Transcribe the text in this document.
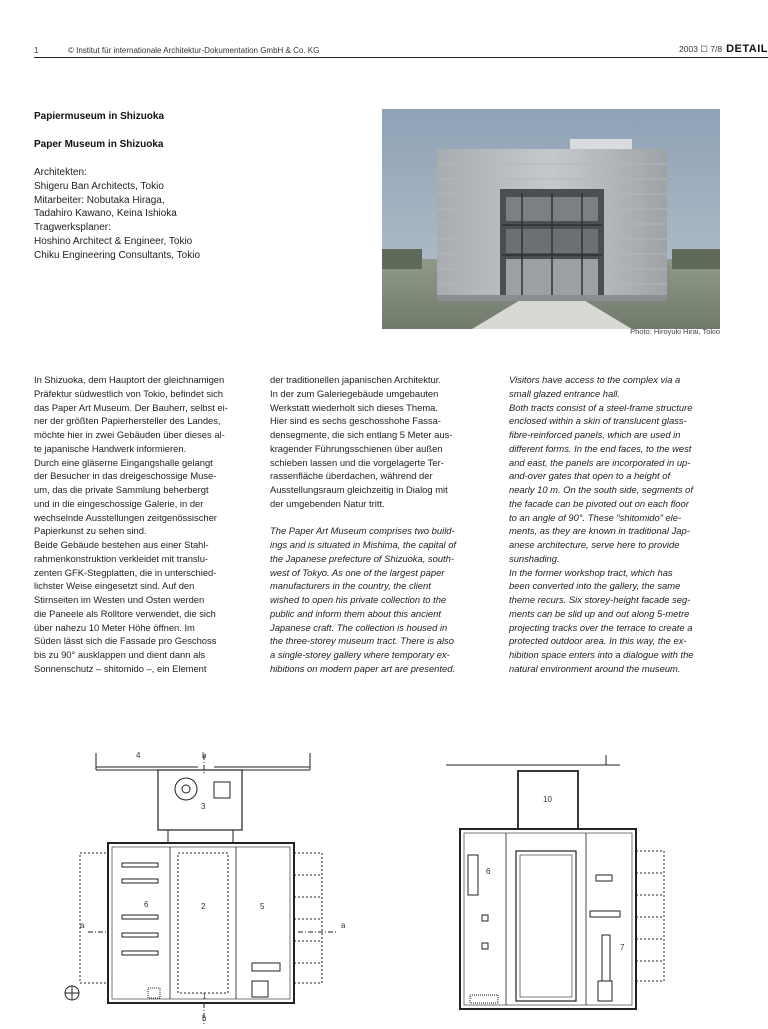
1	© Institut für internationale Architektur-Dokumentation GmbH & Co. KG	2003 ☐ 7/8 DETAIL
Papiermuseum in Shizuoka
Paper Museum in Shizuoka
Architekten:
Shigeru Ban Architects, Tokio
Mitarbeiter: Nobutaka Hiraga,
Tadahiro Kawano, Keina Ishioka
Tragwerksplaner:
Hoshino Architect & Engineer, Tokio
Chiku Engineering Consultants, Tokio
Photo: Hiroyuki Hirai, Tokio

In Shizuoka, dem Hauptort der gleichnamigen

Präfektur südwestlich von Tokio, befindet sich

das Paper Art Museum. Der Bauherr, selbst ei-

ner der größten Papierhersteller des Landes,

möchte hier in zwei Gebäuden über dieses al-

te japanische Handwerk informieren.

Durch eine gläserne Eingangshalle gelangt

der Besucher in das dreigeschossige Muse-

um, das die private Sammlung beherbergt

und in die eingeschossige Galerie, in der

wechselnde Ausstellungen zeitgenössischer

Papierkunst zu sehen sind.

Beide Gebäude bestehen aus einer Stahl-

rahmenkonstruktion verkleidet mit translu-

zenten GFK-Stegplatten, die in unterschied-

lichster Weise eingesetzt sind. Auf den

Stirnseiten im Westen und Osten werden

die Paneele als Rolltore verwendet, die sich

über nahezu 10 Meter Höhe öffnen. Im

Süden lässt sich die Fassade pro Geschoss

bis zu 90° ausklappen und dient dann als

Sonnenschutz – shitomido –, ein Element

der traditionellen japanischen Architektur.

In der zum Galeriegebäude umgebauten

Werkstatt wiederholt sich dieses Thema.

Hier sind es sechs geschosshohe Fassa-

densegmente, die sich entlang 5 Meter aus-

kragender Führungsschienen über außen

schieben lassen und die vorgelagerte Ter-

rassenfläche überdachen, während der

Ausstellungsraum gleichzeitig in Dialog mit

der umgebenden Natur tritt.

The Paper Art Museum comprises two build-

ings and is situated in Mishima, the capital of

the Japanese prefecture of Shizuoka, south-

west of Tokyo. As one of the largest paper

manufacturers in the country, the client

wished to open his private collection to the

public and inform them about this ancient

Japanese craft. The collection is housed in

the three-storey museum tract. There is also

a single-storey gallery where temporary ex-

hibitions on modern paper art are presented.

Visitors have access to the complex via a

small glazed entrance hall.

Both tracts consist of a steel-frame structure

enclosed within a skin of translucent glass-

fibre-reinforced panels, which are used in

different forms. In the end faces, to the west

and east, the panels are incorporated in up-

and-over gates that open to a height of

nearly 10 m. On the south side, segments of

the facade can be pivoted out on each floor

to an angle of 90°. These “shitomido” ele-

ments, as they are known in traditional Jap-

anese architecture, serve here to provide

sunshading.

In the former workshop tract, which has

been converted into the gallery, the same

theme recurs. Six storey-height facade seg-

ments can be slid up and out along 5-metre

projecting tracks over the terrace to create a

protected outdoor area. In this way, the ex-

hibition space enters into a dialogue with the

natural environment around the museum.

4	b
3
6	2	5
a	a
1
b
10
6
7
